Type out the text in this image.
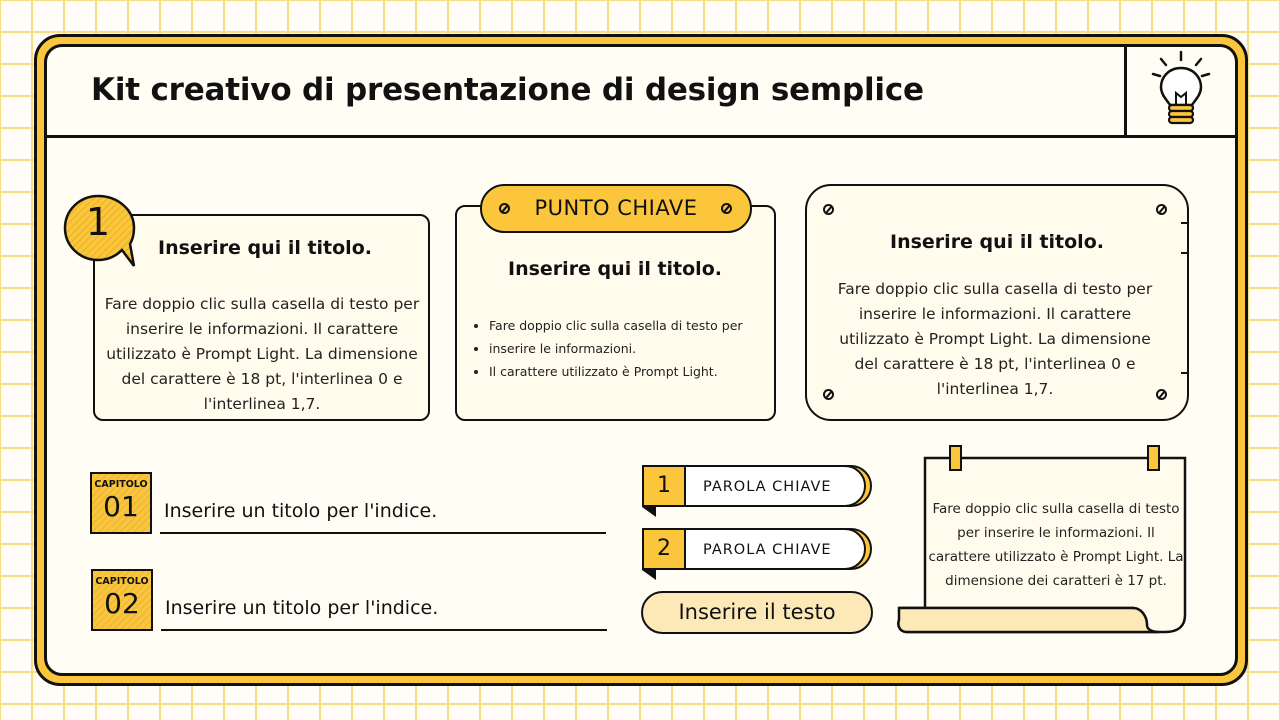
Kit creativo di presentazione di design semplice
1
Inserire qui il titolo.
Fare doppio clic sulla casella di testo per inserire le informazioni. Il carattere utilizzato è Prompt Light. La dimensione del carattere è 18 pt, l'interlinea 0 e l'interlinea 1,7.
PUNTO CHIAVE
Inserire qui il titolo.
• Fare doppio clic sulla casella di testo per
• inserire le informazioni.
• Il carattere utilizzato è Prompt Light.
Inserire qui il titolo.
Fare doppio clic sulla casella di testo per inserire le informazioni. Il carattere utilizzato è Prompt Light. La dimensione del carattere è 18 pt, l'interlinea 0 e l'interlinea 1,7.
CAPITOLO
01	Inserire un titolo per l'indice.
CAPITOLO
02	Inserire un titolo per l'indice.
1	PAROLA CHIAVE
2	PAROLA CHIAVE
Inserire il testo
Fare doppio clic sulla casella di testo per inserire le informazioni. Il carattere utilizzato è Prompt Light. La dimensione dei caratteri è 17 pt.
